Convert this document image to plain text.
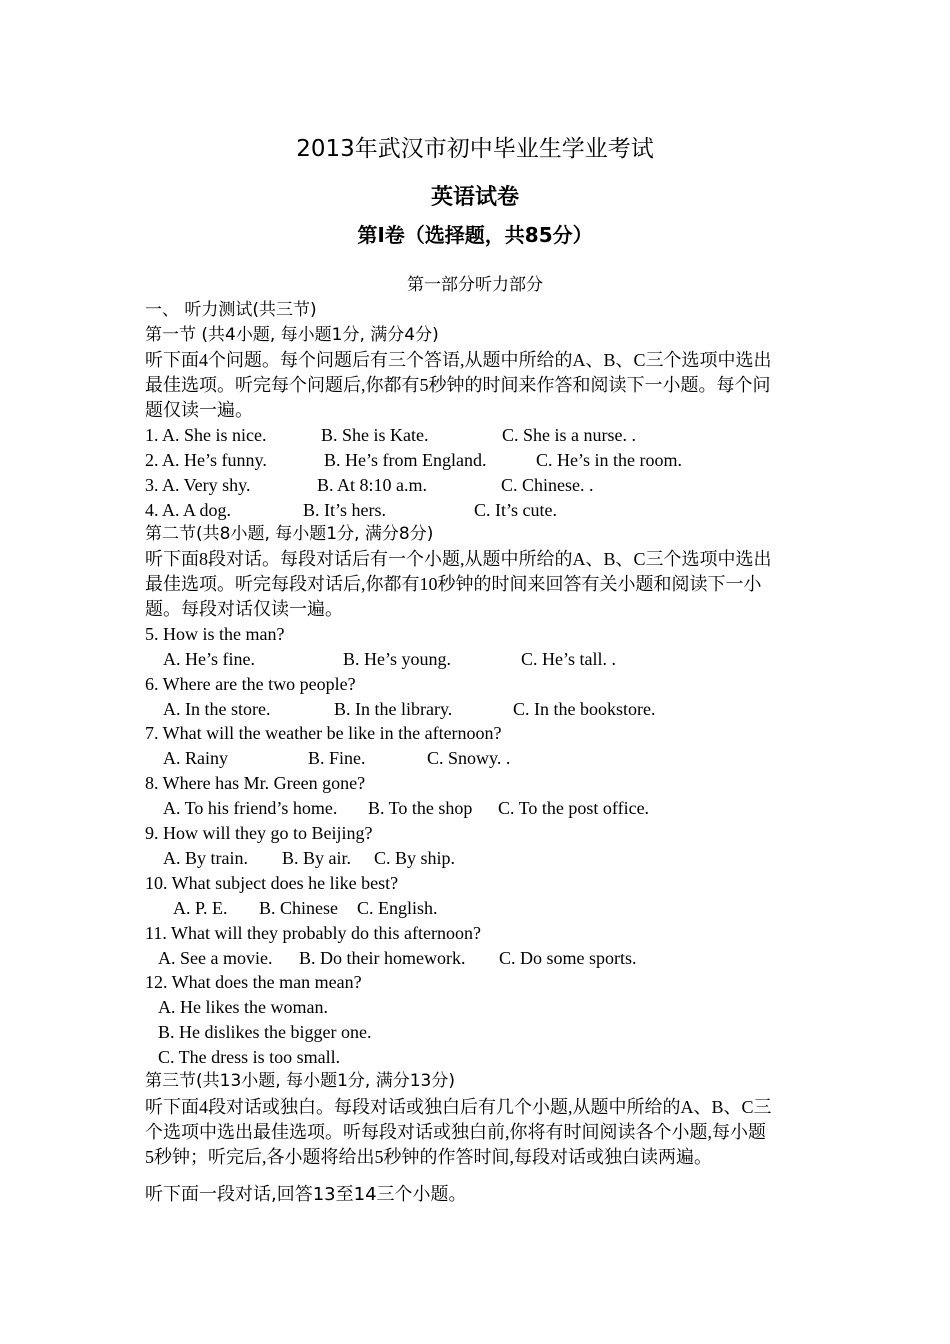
2013年武汉市初中毕业生学业考试
英语试卷
第Ⅰ卷（选择题，共85分）
第一部分听力部分
一、 听力测试(共三节)
第一节 (共4小题, 每小题1分, 满分4分)
听下面4个问题。每个问题后有三个答语,从题中所给的A、B、C三个选项中选出
最佳选项。听完每个问题后,你都有5秒钟的时间来作答和阅读下一小题。每个问
题仅读一遍。
1. A. She is nice.	B. She is Kate.	C. She is a nurse. .
2. A. He’s funny.	B. He’s from England.	C. He’s in the room.
3. A. Very shy.	B. At 8:10 a.m.	C. Chinese. .
4. A. A dog.	B. It’s hers.	C. It’s cute.
第二节(共8小题, 每小题1分, 满分8分)
听下面8段对话。每段对话后有一个小题,从题中所给的A、B、C三个选项中选出
最佳选项。听完每段对话后,你都有10秒钟的时间来回答有关小题和阅读下一小
题。每段对话仅读一遍。
5. How is the man?
A. He’s fine.	B. He’s young.	C. He’s tall. .
6. Where are the two people?
A. In the store.	B. In the library.	C. In the bookstore.
7. What will the weather be like in the afternoon?
A. Rainy	B. Fine.	C. Snowy. .
8. Where has Mr. Green gone?
A. To his friend’s home. B. To the shop C. To the post office.
9. How will they go to Beijing?
A. By train. B. By air. C. By ship.
10. What subject does he like best?
A. P. E. B. Chinese C. English.
11. What will they probably do this afternoon?
A. See a movie. B. Do their homework. C. Do some sports.
12. What does the man mean?
A. He likes the woman.
B. He dislikes the bigger one.
C. The dress is too small.
第三节(共13小题, 每小题1分, 满分13分)
听下面4段对话或独白。每段对话或独白后有几个小题,从题中所给的A、B、C三
个选项中选出最佳选项。听每段对话或独白前,你将有时间阅读各个小题,每小题
5秒钟；听完后,各小题将给出5秒钟的作答时间,每段对话或独白读两遍。
听下面一段对话,回答13至14三个小题。
